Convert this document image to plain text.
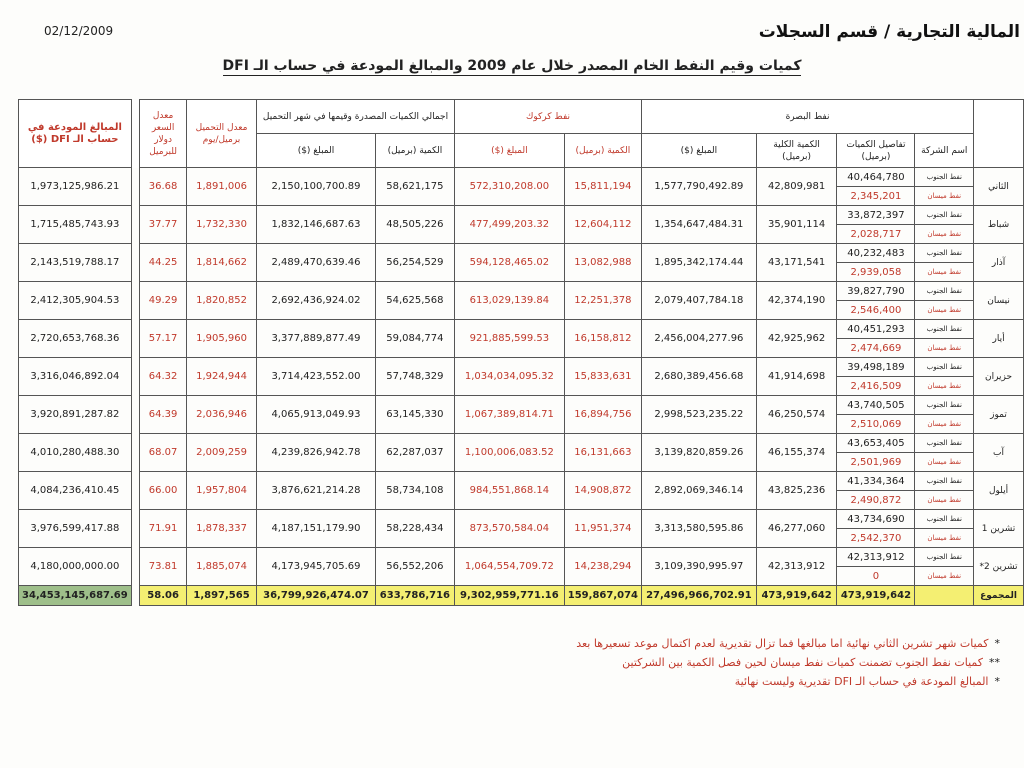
02/12/2009	المالية التجارية / قسم السجلات
كميات وقيم النفط الخام المصدر خلال عام 2009 والمبالغ المودعة في حساب الـ DFI
	نفط البصرة				نفط كركوك		اجمالي الكميات المصدرة وقيمها في شهر التحميل		معدل التحميل برميل/يوم	معدل السعر دولار للبرميل		المبالغ المودعة في حساب الـ DFI ($)
	اسم الشركة	تفاصيل الكميات (برميل)	الكمية الكلية (برميل)	المبلغ ($)	الكمية (برميل)	المبلغ ($)	الكمية (برميل)	المبلغ ($)				
الثاني	نفط الجنوب	40,464,780	42,809,981	1,577,790,492.89	15,811,194	572,310,208.00	58,621,175	2,150,100,700.89	1,891,006	36.68		1,973,125,986.21
	نفط ميسان	2,345,201										
شباط	نفط الجنوب	33,872,397	35,901,114	1,354,647,484.31	12,604,112	477,499,203.32	48,505,226	1,832,146,687.63	1,732,330	37.77		1,715,485,743.93
	نفط ميسان	2,028,717										
آذار	نفط الجنوب	40,232,483	43,171,541	1,895,342,174.44	13,082,988	594,128,465.02	56,254,529	2,489,470,639.46	1,814,662	44.25		2,143,519,788.17
	نفط ميسان	2,939,058										
نيسان	نفط الجنوب	39,827,790	42,374,190	2,079,407,784.18	12,251,378	613,029,139.84	54,625,568	2,692,436,924.02	1,820,852	49.29		2,412,305,904.53
	نفط ميسان	2,546,400										
أيار	نفط الجنوب	40,451,293	42,925,962	2,456,004,277.96	16,158,812	921,885,599.53	59,084,774	3,377,889,877.49	1,905,960	57.17		2,720,653,768.36
	نفط ميسان	2,474,669										
حزيران	نفط الجنوب	39,498,189	41,914,698	2,680,389,456.68	15,833,631	1,034,034,095.32	57,748,329	3,714,423,552.00	1,924,944	64.32		3,316,046,892.04
	نفط ميسان	2,416,509										
تموز	نفط الجنوب	43,740,505	46,250,574	2,998,523,235.22	16,894,756	1,067,389,814.71	63,145,330	4,065,913,049.93	2,036,946	64.39		3,920,891,287.82
	نفط ميسان	2,510,069										
آب	نفط الجنوب	43,653,405	46,155,374	3,139,820,859.26	16,131,663	1,100,006,083.52	62,287,037	4,239,826,942.78	2,009,259	68.07		4,010,280,488.30
	نفط ميسان	2,501,969										
أيلول	نفط الجنوب	41,334,364	43,825,236	2,892,069,346.14	14,908,872	984,551,868.14	58,734,108	3,876,621,214.28	1,957,804	66.00		4,084,236,410.45
	نفط ميسان	2,490,872										
تشرين 1	نفط الجنوب	43,734,690	46,277,060	3,313,580,595.86	11,951,374	873,570,584.04	58,228,434	4,187,151,179.90	1,878,337	71.91		3,976,599,417.88
	نفط ميسان	2,542,370										
تشرين 2*	نفط الجنوب	42,313,912	42,313,912	3,109,390,995.97	14,238,294	1,064,554,709.72	56,552,206	4,173,945,705.69	1,885,074	73.81		4,180,000,000.00
	نفط ميسان	0										
المجموع		473,919,642	473,919,642	27,496,966,702.91	159,867,074	9,302,959,771.16	633,786,716	36,799,926,474.07	1,897,565	58.06		34,453,145,687.69
*كميات شهر تشرين الثاني نهائية اما مبالغها فما تزال تقديرية لعدم اكتمال موعد تسعيرها بعد
**كميات نفط الجنوب تضمنت كميات نفط ميسان لحين فصل الكمية بين الشركتين
*المبالغ المودعة في حساب الـ DFI تقديرية وليست نهائية
